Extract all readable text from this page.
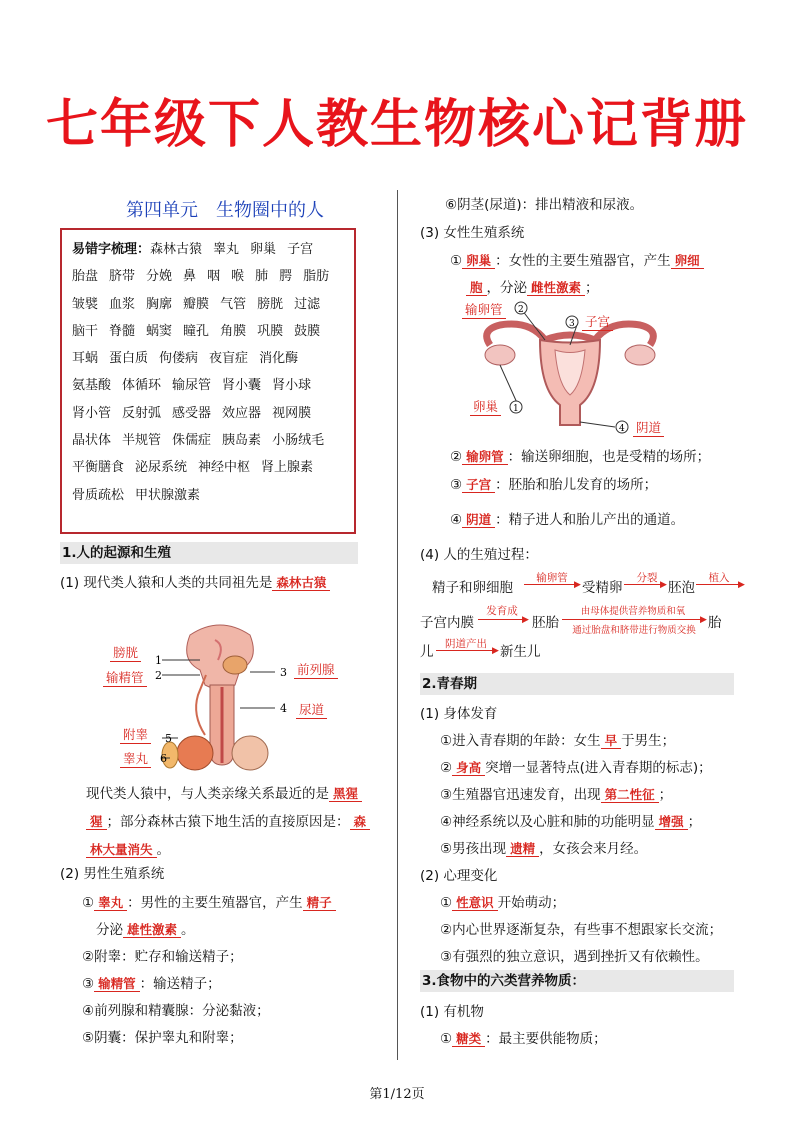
七年级下人教生物核心记背册
第四单元　生物圈中的人
易错字梳理：森林古猿 睾丸 卵巢 子宫胎盘 脐带 分娩 鼻 咽 喉 肺 腭 脂肪皱襞 血浆 胸廓 瓣膜 气管 膀胱 过滤脑干 脊髓 蜗窦 瞳孔 角膜 巩膜 鼓膜耳蜗 蛋白质 佝偻病 夜盲症 消化酶氨基酸 体循环 输尿管 肾小囊 肾小球肾小管 反射弧 感受器 效应器 视网膜晶状体 半规管 侏儒症 胰岛素 小肠绒毛平衡膳食 泌尿系统 神经中枢 肾上腺素骨质疏松 甲状腺激素
1.人的起源和生殖
(1) 现代类人猿和人类的共同祖先是 森林古猿
1
2	3
4
5
6
膀胱
输精管
前列腺
尿道
附睾
睾丸
现代类人猿中，与人类亲缘关系最近的是 黑猩
猩 ；部分森林古猿下地生活的直接原因是： 森
林大量消失 。
(2) 男性生殖系统
① 睾丸 ：男性的主要生殖器官，产生 精子
分泌 雄性激素 。
②附睾：贮存和输送精子；
③ 输精管 ：输送精子；
④前列腺和精囊腺：分泌黏液；
⑤阴囊：保护睾丸和附睾；
⑥阴茎(尿道)：排出精液和尿液。
(3) 女性生殖系统
① 卵巢 ：女性的主要生殖器官，产生 卵细
胞 ，分泌 雌性激素 ；
2
3
1
4
输卵管
子宫
卵巢
阴道
② 输卵管 ：输送卵细胞，也是受精的场所；
③ 子宫 ：胚胎和胎儿发育的场所；
④ 阴道 ：精子进人和胎儿产出的通道。
(4) 人的生殖过程：
精子和卵细胞
输卵管
▶ 受精卵
分裂
▶ 胚泡
植入
▶
子宫内膜
发育成
▶ 胚胎
由母体提供营养物质和氧
▶
通过胎盘和脐带进行物质交换 胎
儿	阴道产出
▶ 新生儿
2.青春期
(1) 身体发育
①进入青春期的年龄：女生 早 于男生；
② 身高 突增一显著特点(进入青春期的标志)；
③生殖器官迅速发育，出现 第二性征 ；
④神经系统以及心脏和肺的功能明显 增强 ；
⑤男孩出现 遗精 ，女孩会来月经。
(2) 心理变化
① 性意识 开始萌动；
②内心世界逐渐复杂，有些事不想跟家长交流；
③有强烈的独立意识，遇到挫折又有依赖性。
3.食物中的六类营养物质：
(1) 有机物
① 糖类 ：最主要供能物质；
第1/12页
